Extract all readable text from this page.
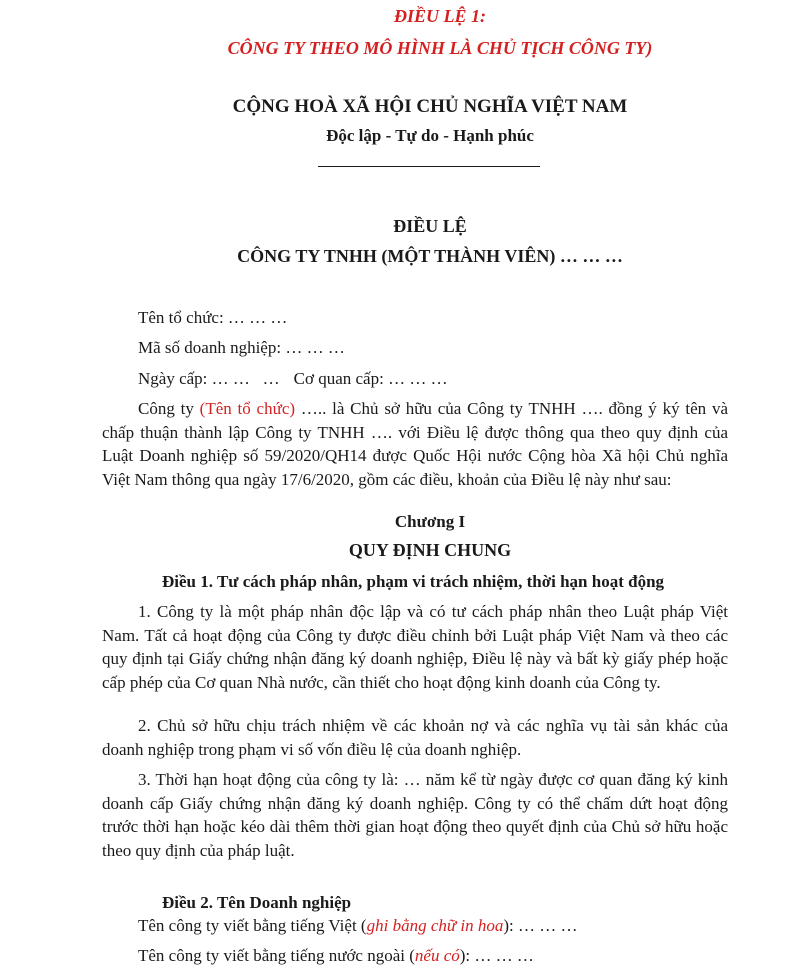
ĐIỀU LỆ 1:
CÔNG TY THEO MÔ HÌNH LÀ CHỦ TỊCH CÔNG TY)
CỘNG HOÀ XÃ HỘI CHỦ NGHĨA VIỆT NAM
Độc lập - Tự do - Hạnh phúc
ĐIỀU LỆ
CÔNG TY TNHH (MỘT THÀNH VIÊN) … … …
Tên tổ chức: … … …
Mã số doanh nghiệp: … … …
Ngày cấp: … …   … Cơ quan cấp: … … …
Công ty (Tên tổ chức) ….. là Chủ sở hữu của Công ty TNHH …. đồng ý ký tên và chấp thuận thành lập Công ty TNHH …. với Điều lệ được thông qua theo quy định của Luật Doanh nghiệp số 59/2020/QH14 được Quốc Hội nước Cộng hòa Xã hội Chủ nghĩa Việt Nam thông qua ngày 17/6/2020, gồm các điều, khoản của Điều lệ này như sau:
Chương I
QUY ĐỊNH CHUNG
Điều 1. Tư cách pháp nhân, phạm vi trách nhiệm, thời hạn hoạt động
1. Công ty là một pháp nhân độc lập và có tư cách pháp nhân theo Luật pháp Việt Nam. Tất cả hoạt động của Công ty được điều chỉnh bởi Luật pháp Việt Nam và theo các quy định tại Giấy chứng nhận đăng ký doanh nghiệp, Điều lệ này và bất kỳ giấy phép hoặc cấp phép của Cơ quan Nhà nước, cần thiết cho hoạt động kinh doanh của Công ty.
2. Chủ sở hữu chịu trách nhiệm về các khoản nợ và các nghĩa vụ tài sản khác của doanh nghiệp trong phạm vi số vốn điều lệ của doanh nghiệp.
3. Thời hạn hoạt động của công ty là: … năm kể từ ngày được cơ quan đăng ký kinh doanh cấp Giấy chứng nhận đăng ký doanh nghiệp. Công ty có thể chấm dứt hoạt động trước thời hạn hoặc kéo dài thêm thời gian hoạt động theo quyết định của Chủ sở hữu hoặc theo quy định của pháp luật.
Điều 2. Tên Doanh nghiệp
Tên công ty viết bằng tiếng Việt (ghi bằng chữ in hoa): … … …
Tên công ty viết bằng tiếng nước ngoài (nếu có): … … …
